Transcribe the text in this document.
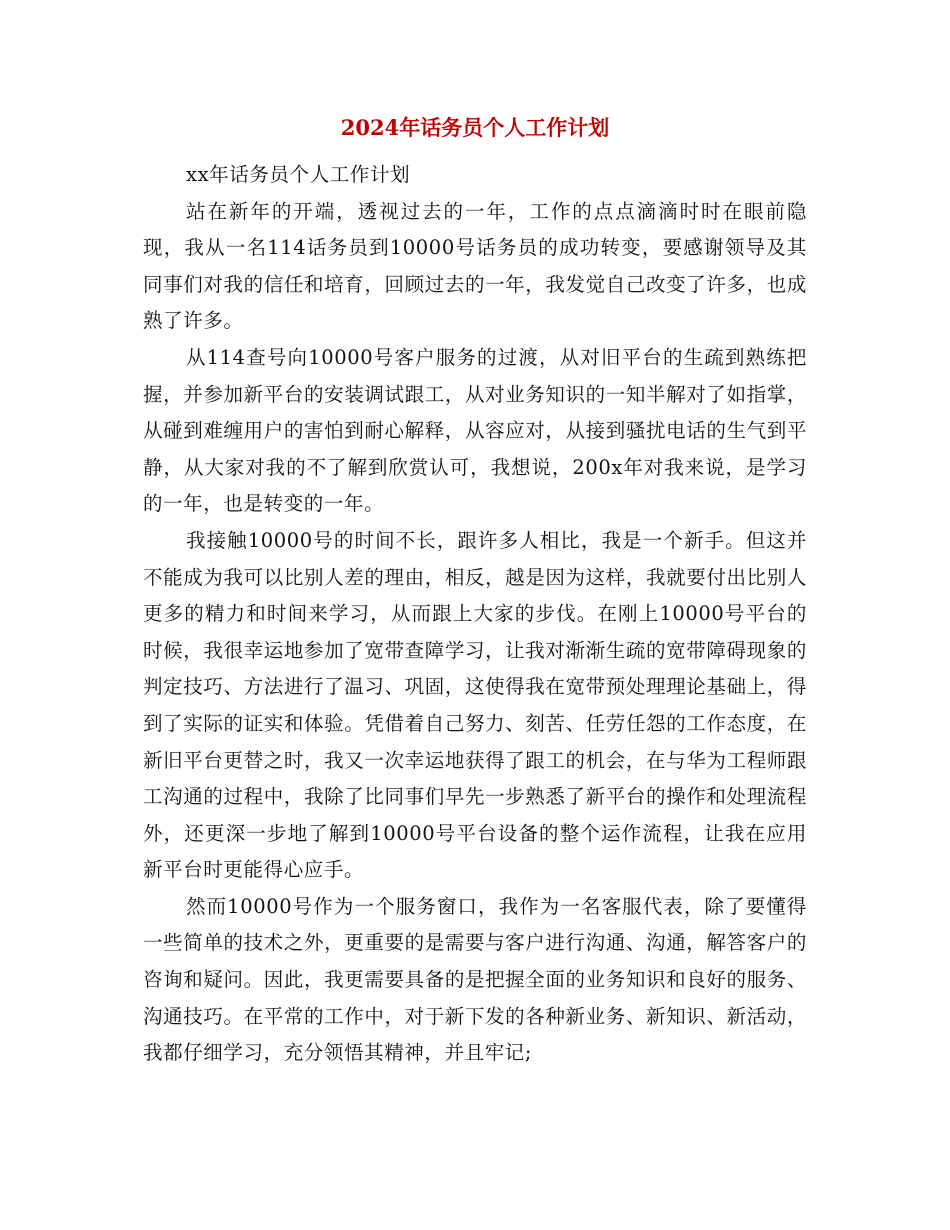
2024年话务员个人工作计划

xx年话务员个人工作计划

站在新年的开端，透视过去的一年，工作的点点滴滴时时在眼前隐现，我从一名114话务员到10000号话务员的成功转变，要感谢领导及其同事们对我的信任和培育，回顾过去的一年，我发觉自己改变了许多，也成熟了许多。

从114查号向10000号客户服务的过渡，从对旧平台的生疏到熟练把握，并参加新平台的安装调试跟工，从对业务知识的一知半解对了如指掌，从碰到难缠用户的害怕到耐心解释，从容应对，从接到骚扰电话的生气到平静，从大家对我的不了解到欣赏认可，我想说，200x年对我来说，是学习的一年，也是转变的一年。

我接触10000号的时间不长，跟许多人相比，我是一个新手。但这并不能成为我可以比别人差的理由，相反，越是因为这样，我就要付出比别人更多的精力和时间来学习，从而跟上大家的步伐。在刚上10000号平台的时候，我很幸运地参加了宽带查障学习，让我对渐渐生疏的宽带障碍现象的判定技巧、方法进行了温习、巩固，这使得我在宽带预处理理论基础上，得到了实际的证实和体验。凭借着自己努力、刻苦、任劳任怨的工作态度，在新旧平台更替之时，我又一次幸运地获得了跟工的机会，在与华为工程师跟工沟通的过程中，我除了比同事们早先一步熟悉了新平台的操作和处理流程外，还更深一步地了解到10000号平台设备的整个运作流程，让我在应用新平台时更能得心应手。

然而10000号作为一个服务窗口，我作为一名客服代表，除了要懂得一些简单的技术之外，更重要的是需要与客户进行沟通、沟通，解答客户的咨询和疑问。因此，我更需要具备的是把握全面的业务知识和良好的服务、沟通技巧。在平常的工作中，对于新下发的各种新业务、新知识、新活动，我都仔细学习，充分领悟其精神，并且牢记;
